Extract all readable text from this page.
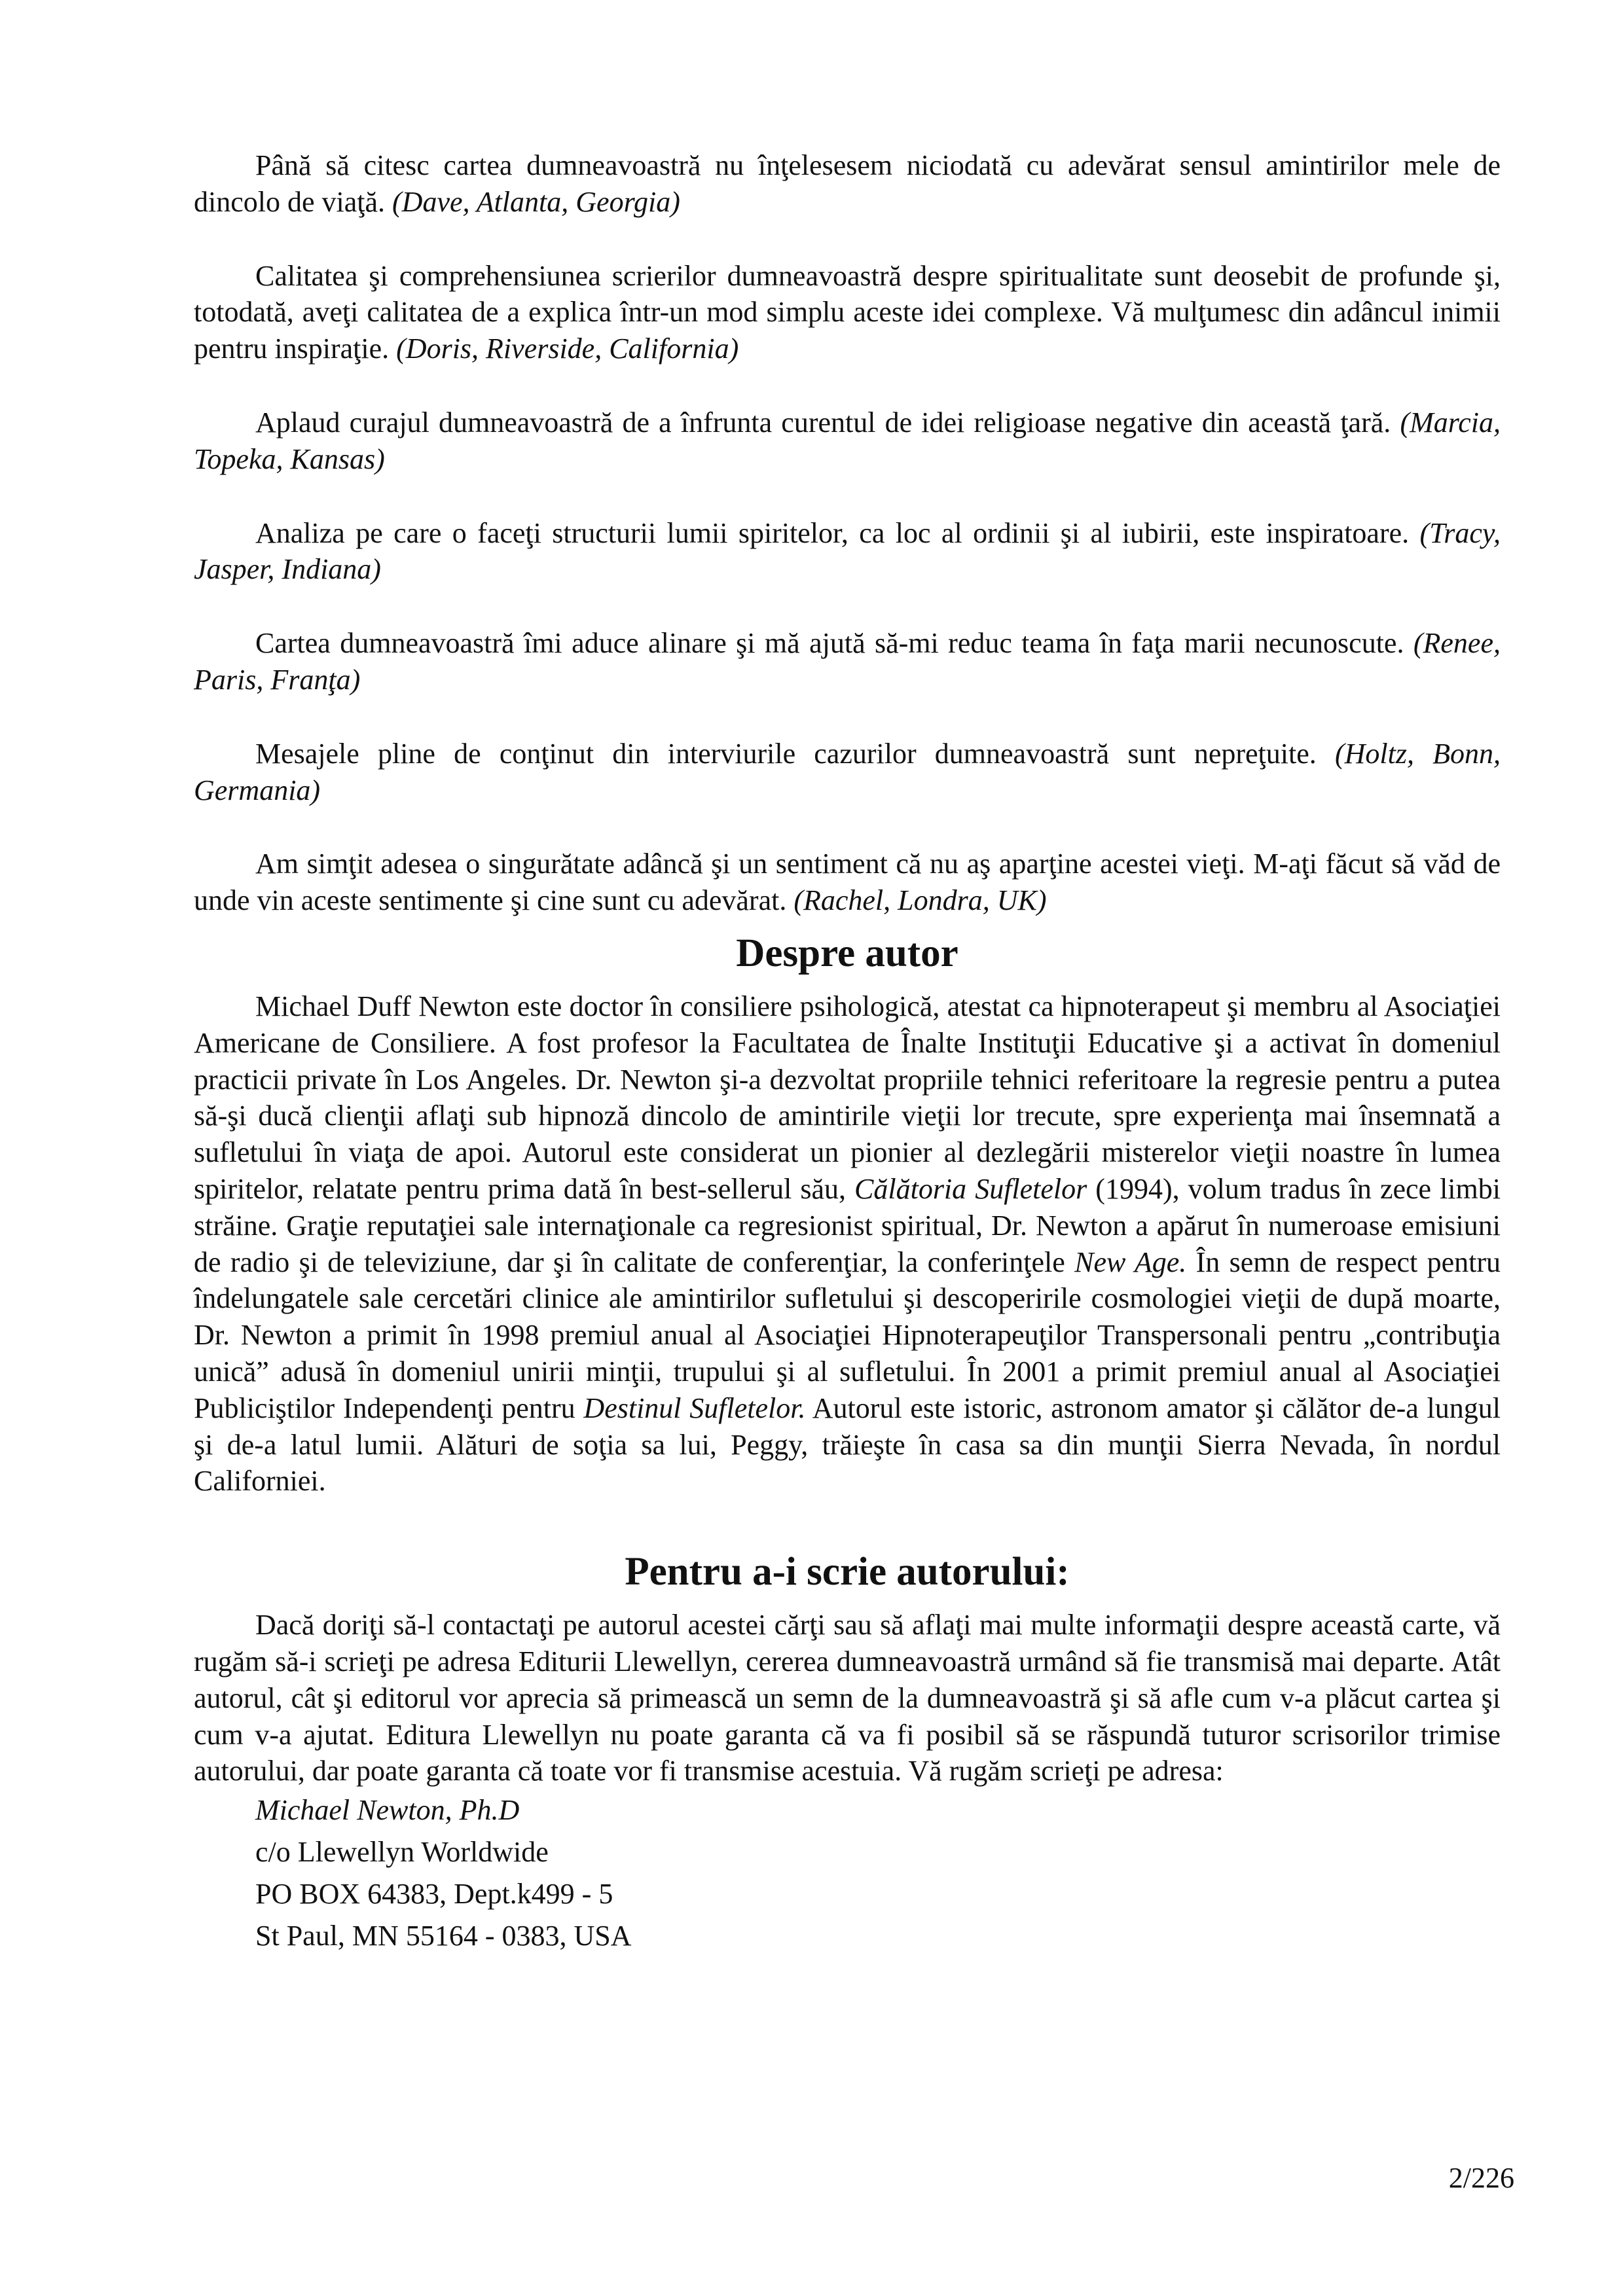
Până să citesc cartea dumneavoastră nu înţelesesem niciodată cu adevărat sensul amintirilor mele de dincolo de viaţă. (Dave, Atlanta, Georgia)

Calitatea şi comprehensiunea scrierilor dumneavoastră despre spiritualitate sunt deosebit de profunde şi, totodată, aveţi calitatea de a explica într-un mod simplu aceste idei complexe. Vă mulţumesc din adâncul inimii pentru inspiraţie. (Doris, Riverside, California)

Aplaud curajul dumneavoastră de a înfrunta curentul de idei religioase negative din această ţară. (Marcia, Topeka, Kansas)

Analiza pe care o faceţi structurii lumii spiritelor, ca loc al ordinii şi al iubirii, este inspiratoare. (Tracy, Jasper, Indiana)

Cartea dumneavoastră îmi aduce alinare şi mă ajută să-mi reduc teama în faţa marii necunoscute. (Renee, Paris, Franţa)

Mesajele pline de conţinut din interviurile cazurilor dumneavoastră sunt nepreţuite. (Holtz, Bonn, Germania)

Am simţit adesea o singurătate adâncă şi un sentiment că nu aş aparţine acestei vieţi. M-aţi făcut să văd de unde vin aceste sentimente şi cine sunt cu adevărat. (Rachel, Londra, UK)

Despre autor

Michael Duff Newton este doctor în consiliere psihologică, atestat ca hipnoterapeut şi membru al Asociaţiei Americane de Consiliere. A fost profesor la Facultatea de Înalte Instituţii Educative şi a activat în domeniul practicii private în Los Angeles. Dr. Newton şi-a dezvoltat propriile tehnici referitoare la regresie pentru a putea să-şi ducă clienţii aflaţi sub hipnoză dincolo de amintirile vieţii lor trecute, spre experienţa mai însemnată a sufletului în viaţa de apoi. Autorul este considerat un pionier al dezlegării misterelor vieţii noastre în lumea spiritelor, relatate pentru prima dată în best-sellerul său, Călătoria Sufletelor (1994), volum tradus în zece limbi străine. Graţie reputaţiei sale internaţionale ca regresionist spiritual, Dr. Newton a apărut în numeroase emisiuni de radio şi de televiziune, dar şi în calitate de conferenţiar, la conferinţele New Age. În semn de respect pentru îndelungatele sale cercetări clinice ale amintirilor sufletului şi descoperirile cosmologiei vieţii de după moarte, Dr. Newton a primit în 1998 premiul anual al Asociaţiei Hipnoterapeuţilor Transpersonali pentru „contribuţia unică” adusă în domeniul unirii minţii, trupului şi al sufletului. În 2001 a primit premiul anual al Asociaţiei Publiciştilor Independenţi pentru Destinul Sufletelor. Autorul este istoric, astronom amator şi călător de-a lungul şi de-a latul lumii. Alături de soţia sa lui, Peggy, trăieşte în casa sa din munţii Sierra Nevada, în nordul Californiei.

Pentru a-i scrie autorului:

Dacă doriţi să-l contactaţi pe autorul acestei cărţi sau să aflaţi mai multe informaţii despre această carte, vă rugăm să-i scrieţi pe adresa Editurii Llewellyn, cererea dumneavoastră urmând să fie transmisă mai departe. Atât autorul, cât şi editorul vor aprecia să primească un semn de la dumneavoastră şi să afle cum v-a plăcut cartea şi cum v-a ajutat. Editura Llewellyn nu poate garanta că va fi posibil să se răspundă tuturor scrisorilor trimise autorului, dar poate garanta că toate vor fi transmise acestuia. Vă rugăm scrieţi pe adresa:

Michael Newton, Ph.D
c/o Llewellyn Worldwide
PO BOX 64383, Dept.k499 - 5
St Paul, MN 55164 - 0383, USA
2/226
